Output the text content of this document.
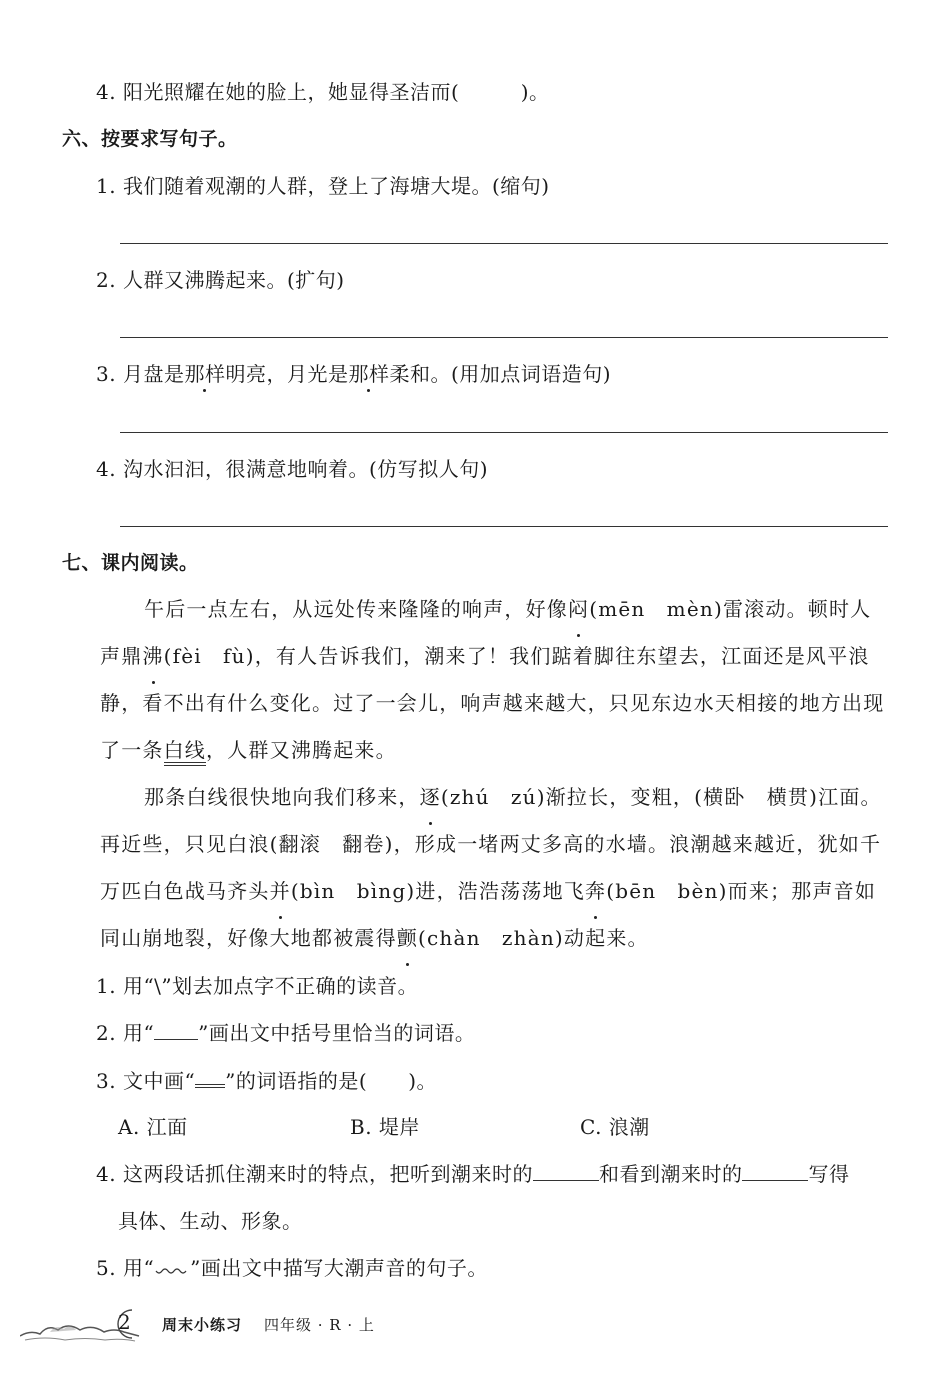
4. 阳光照耀在她的脸上，她显得圣洁而(　　　)。
六、按要求写句子。
1. 我们随着观潮的人群，登上了海塘大堤。(缩句)
2. 人群又沸腾起来。(扩句)
3. 月盘是那样明亮，月光是那样柔和。(用加点词语造句)
4. 沟水汩汩，很满意地响着。(仿写拟人句)
七、课内阅读。
午后一点左右，从远处传来隆隆的响声，好像闷(mēn　mèn)雷滚动。顿时人声鼎沸(fèi　fù)，有人告诉我们，潮来了！我们踮着脚往东望去，江面还是风平浪静，看不出有什么变化。过了一会儿，响声越来越大，只见东边水天相接的地方出现了一条白线，人群又沸腾起来。
那条白线很快地向我们移来，逐(zhú　zú)渐拉长，变粗，(横卧　横贯)江面。再近些，只见白浪(翻滚　翻卷)，形成一堵两丈多高的水墙。浪潮越来越近，犹如千万匹白色战马齐头并(bìn　bìng)进，浩浩荡荡地飞奔(bēn　bèn)而来；那声音如同山崩地裂，好像大地都被震得颤(chàn　zhàn)动起来。
1. 用“\”划去加点字不正确的读音。
2. 用“ ”画出文中括号里恰当的词语。
3. 文中画“ ”的词语指的是(　　)。
A. 江面	B. 堤岸	C. 浪潮
4. 这两段话抓住潮来时的特点，把听到潮来时的	和看到潮来时的	写得
具体、生动、形象。
5. 用“ ”画出文中描写大潮声音的句子。
2 周末小练习 四年级 · R · 上
